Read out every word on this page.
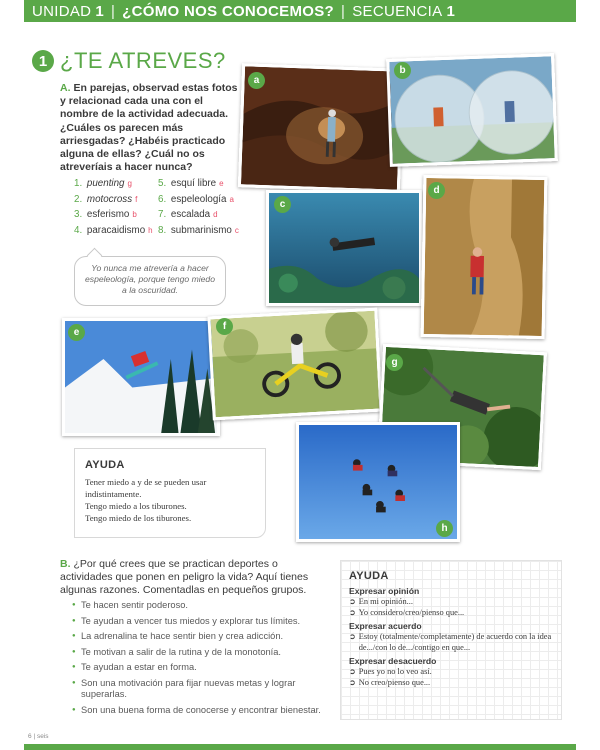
UNIDAD 1 | ¿CÓMO NOS CONOCEMOS? | SECUENCIA 1
1 ¿TE ATREVES?
A. En parejas, observad estas fotos y relacionad cada una con el nombre de la actividad adecuada. ¿Cuáles os parecen más arriesgadas? ¿Habéis practicado alguna de ellas? ¿Cuál no os atreveríais a hacer nunca?
1. puenting g
2. motocross f
3. esferismo b
4. paracaidismo h
5. esquí libre e
6. espeleología a
7. escalada d
8. submarinismo c
Yo nunca me atrevería a hacer espeleología, porque tengo miedo a la oscuridad.
a
b
c
d
e
f
g
h
AYUDA

Tener miedo a y de se pueden usar indistintamente.

Tengo miedo a los tiburones.

Tengo miedo de los tiburones.

B. ¿Por qué crees que se practican deportes o actividades que ponen en peligro la vida? Aquí tienes algunas razones. Comentadlas en pequeños grupos.
● Te hacen sentir poderoso.
● Te ayudan a vencer tus miedos y explorar tus límites.
● La adrenalina te hace sentir bien y crea adicción.
● Te motivan a salir de la rutina y de la monotonía.
● Te ayudan a estar en forma.
● Son una motivación para fijar nuevas metas y lograr superarlas.
● Son una buena forma de conocerse y encontrar bienestar.
AYUDA
Expresar opinión
➲ En mi opinión...
➲ Yo considero/creo/pienso que...
Expresar acuerdo
➲ Estoy (totalmente/completamente) de acuerdo con la idea de.../con lo de.../contigo en que...
Expresar desacuerdo
➲ Pues yo no lo veo así.
➲ No creo/pienso que...
6 | seis
